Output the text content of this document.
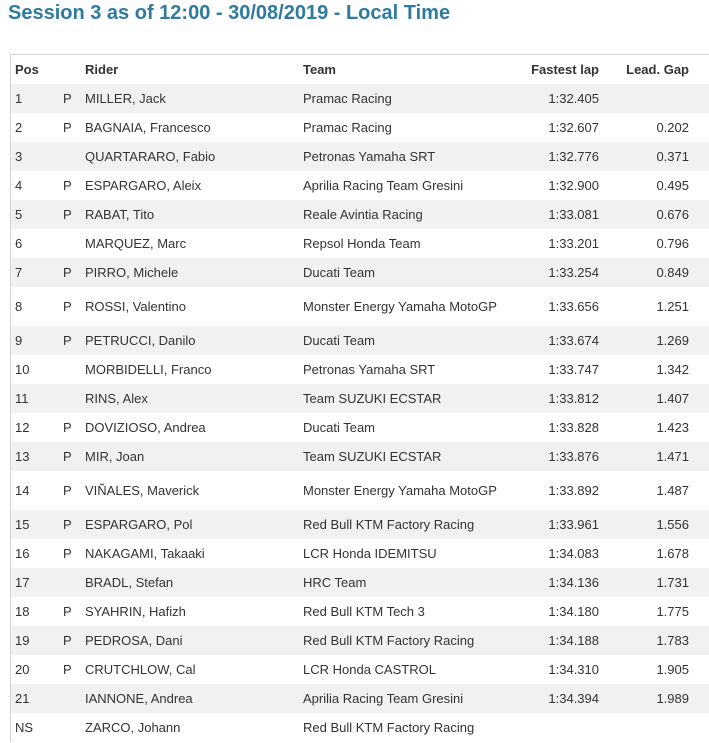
Session 3 as of 12:00 - 30/08/2019 - Local Time
Pos		Rider	Team	Fastest lap	Lead. Gap
1	P	MILLER, Jack	Pramac Racing	1:32.405	
2	P	BAGNAIA, Francesco	Pramac Racing	1:32.607	0.202
3		QUARTARARO, Fabio	Petronas Yamaha SRT	1:32.776	0.371
4	P	ESPARGARO, Aleix	Aprilia Racing Team Gresini	1:32.900	0.495
5	P	RABAT, Tito	Reale Avintia Racing	1:33.081	0.676
6		MARQUEZ, Marc	Repsol Honda Team	1:33.201	0.796
7	P	PIRRO, Michele	Ducati Team	1:33.254	0.849
8	P	ROSSI, Valentino	Monster Energy Yamaha MotoGP	1:33.656	1.251
9	P	PETRUCCI, Danilo	Ducati Team	1:33.674	1.269
10		MORBIDELLI, Franco	Petronas Yamaha SRT	1:33.747	1.342
11		RINS, Alex	Team SUZUKI ECSTAR	1:33.812	1.407
12	P	DOVIZIOSO, Andrea	Ducati Team	1:33.828	1.423
13	P	MIR, Joan	Team SUZUKI ECSTAR	1:33.876	1.471
14	P	VIÑALES, Maverick	Monster Energy Yamaha MotoGP	1:33.892	1.487
15	P	ESPARGARO, Pol	Red Bull KTM Factory Racing	1:33.961	1.556
16	P	NAKAGAMI, Takaaki	LCR Honda IDEMITSU	1:34.083	1.678
17		BRADL, Stefan	HRC Team	1:34.136	1.731
18	P	SYAHRIN, Hafizh	Red Bull KTM Tech 3	1:34.180	1.775
19	P	PEDROSA, Dani	Red Bull KTM Factory Racing	1:34.188	1.783
20	P	CRUTCHLOW, Cal	LCR Honda CASTROL	1:34.310	1.905
21		IANNONE, Andrea	Aprilia Racing Team Gresini	1:34.394	1.989
NS		ZARCO, Johann	Red Bull KTM Factory Racing		
